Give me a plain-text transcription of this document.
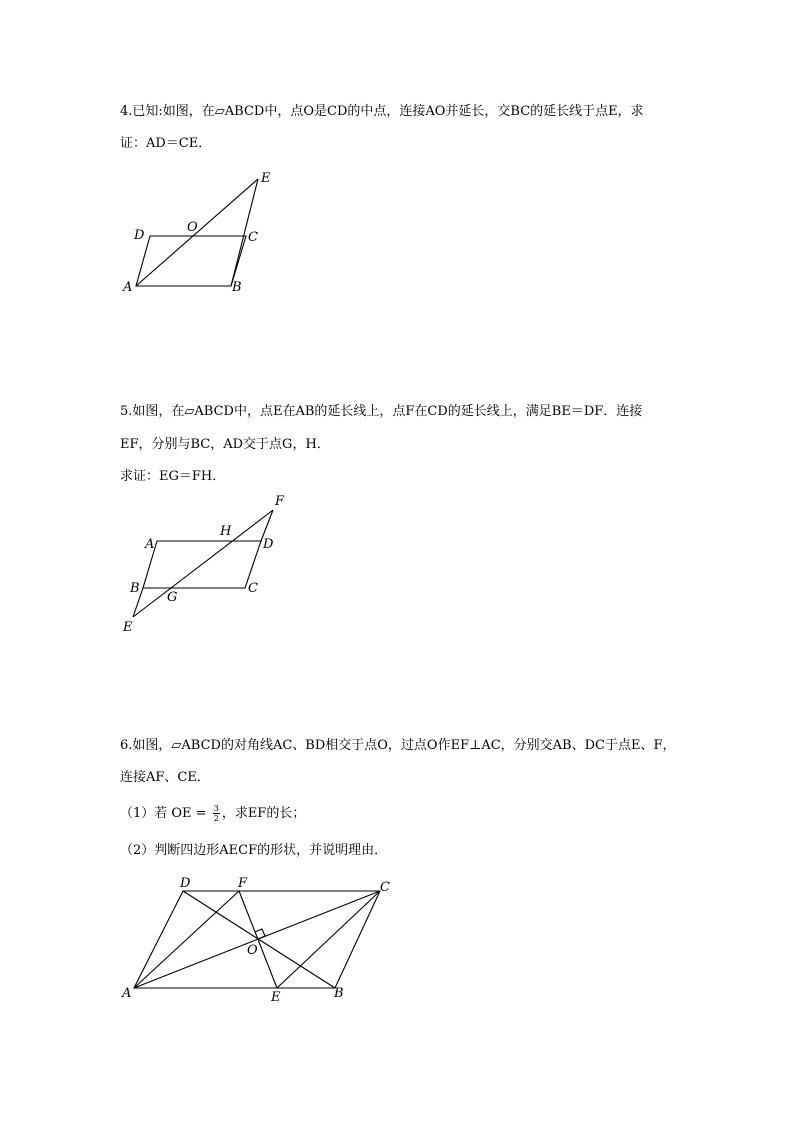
4.已知:如图，在▱ABCD中，点O是CD的中点，连接AO并延长，交BC的延长线于点E，求
证：AD＝CE．
A	B
C
D
O
E
5.如图，在▱ABCD中，点E在AB的延长线上，点F在CD的延长线上，满足BE＝DF．连接
EF，分别与BC，AD交于点G，H．
求证：EG＝FH．
A
B	C
D
E
F
G
H
6.如图，▱ABCD的对角线AC、BD相交于点O，过点O作EF⊥AC，分别交AB、DC于点E、F，
连接AF、CE．
（1）若 OE = $\frac{3}{2}$ ，求EF的长；
（2）判断四边形AECF的形状，并说明理由．
A	B
C
D
E
F
O
